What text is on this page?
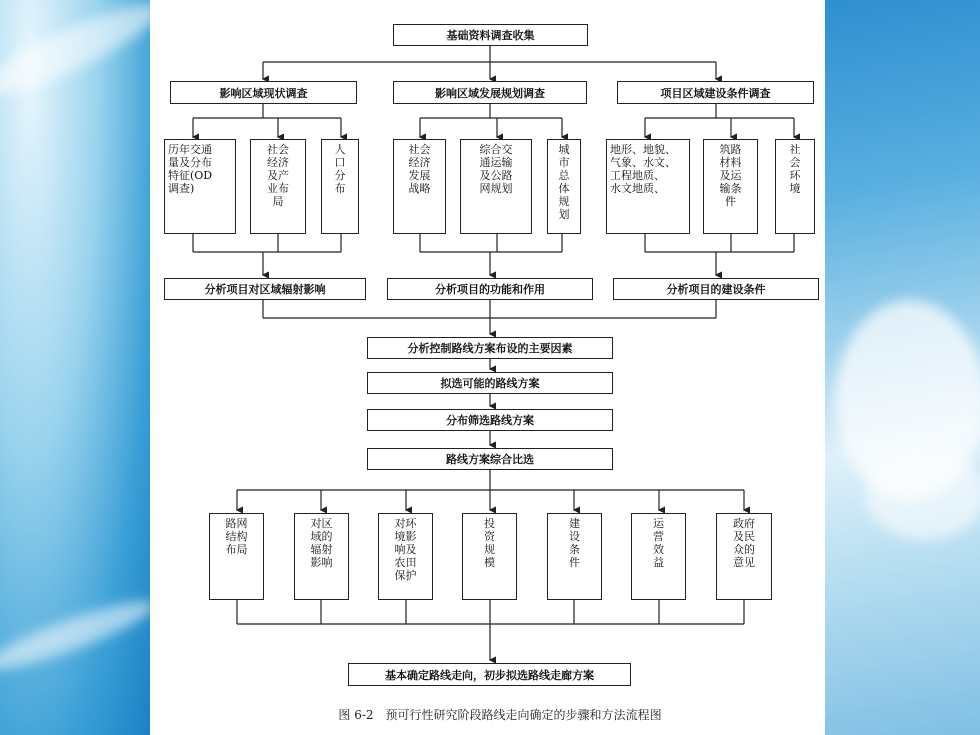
基础资料调查收集
影响区域现状调查	影响区域发展规划调查	项目区域建设条件调查
历年交通
量及分布
特征(OD
调查)
社会
经济
及产
业布
局
人
口
分
布
社会
经济
发展
战略
综合交
通运输
及公路
网规划
城
市
总
体
规
划
地形、地貌、
气象、水文、
工程地质、
水文地质、
筑路
材料
及运
输条
件
社
会
环
境
分析项目对区域辐射影响	分析项目的功能和作用	分析项目的建设条件
分析控制路线方案布设的主要因素
拟选可能的路线方案
分布筛选路线方案
路线方案综合比选
路网
结构
布局
对区
域的
辐射
影响
对环
境影
响及
农田
保护
投
资
规
模
建
设
条
件
运
营
效
益
政府
及民
众的
意见
基本确定路线走向，初步拟选路线走廊方案
图 6-2　预可行性研究阶段路线走向确定的步骤和方法流程图
